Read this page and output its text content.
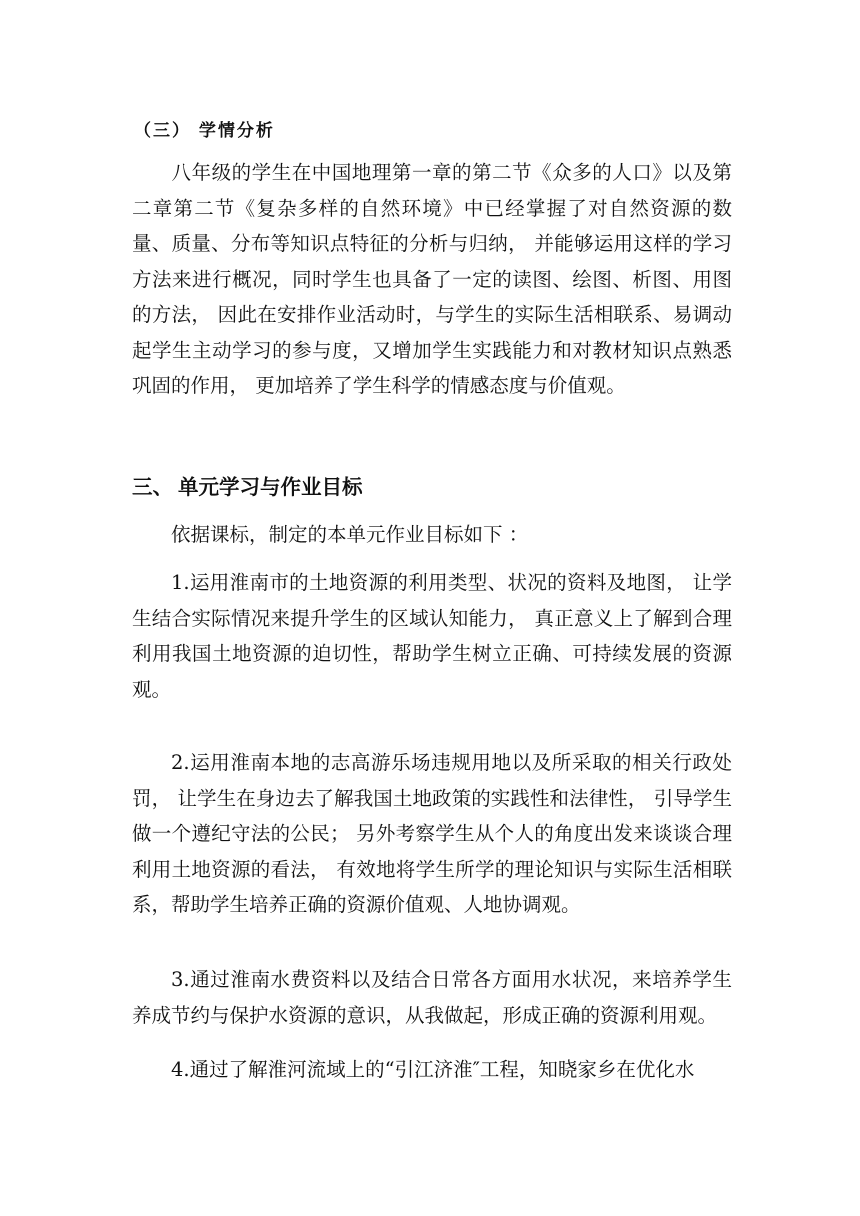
（三） 学情分析

八年级的学生在中国地理第一章的第二节《众多的人口》以及第二章第二节《复杂多样的自然环境》中已经掌握了对自然资源的数量、质量、分布等知识点特征的分析与归纳， 并能够运用这样的学习方法来进行概况，同时学生也具备了一定的读图、绘图、析图、用图的方法， 因此在安排作业活动时，与学生的实际生活相联系、易调动起学生主动学习的参与度，又增加学生实践能力和对教材知识点熟悉巩固的作用， 更加培养了学生科学的情感态度与价值观。

三、 单元学习与作业目标

依据课标，制定的本单元作业目标如下 ：

1.运用淮南市的土地资源的利用类型、状况的资料及地图， 让学生结合实际情况来提升学生的区域认知能力， 真正意义上了解到合理利用我国土地资源的迫切性，帮助学生树立正确、可持续发展的资源观。

2.运用淮南本地的志高游乐场违规用地以及所采取的相关行政处罚， 让学生在身边去了解我国土地政策的实践性和法律性， 引导学生做一个遵纪守法的公民； 另外考察学生从个人的角度出发来谈谈合理利用土地资源的看法， 有效地将学生所学的理论知识与实际生活相联系，帮助学生培养正确的资源价值观、人地协调观。

3.通过淮南水费资料以及结合日常各方面用水状况，来培养学生养成节约与保护水资源的意识，从我做起，形成正确的资源利用观。

4.通过了解淮河流域上的“引江济淮″工程，知晓家乡在优化水
